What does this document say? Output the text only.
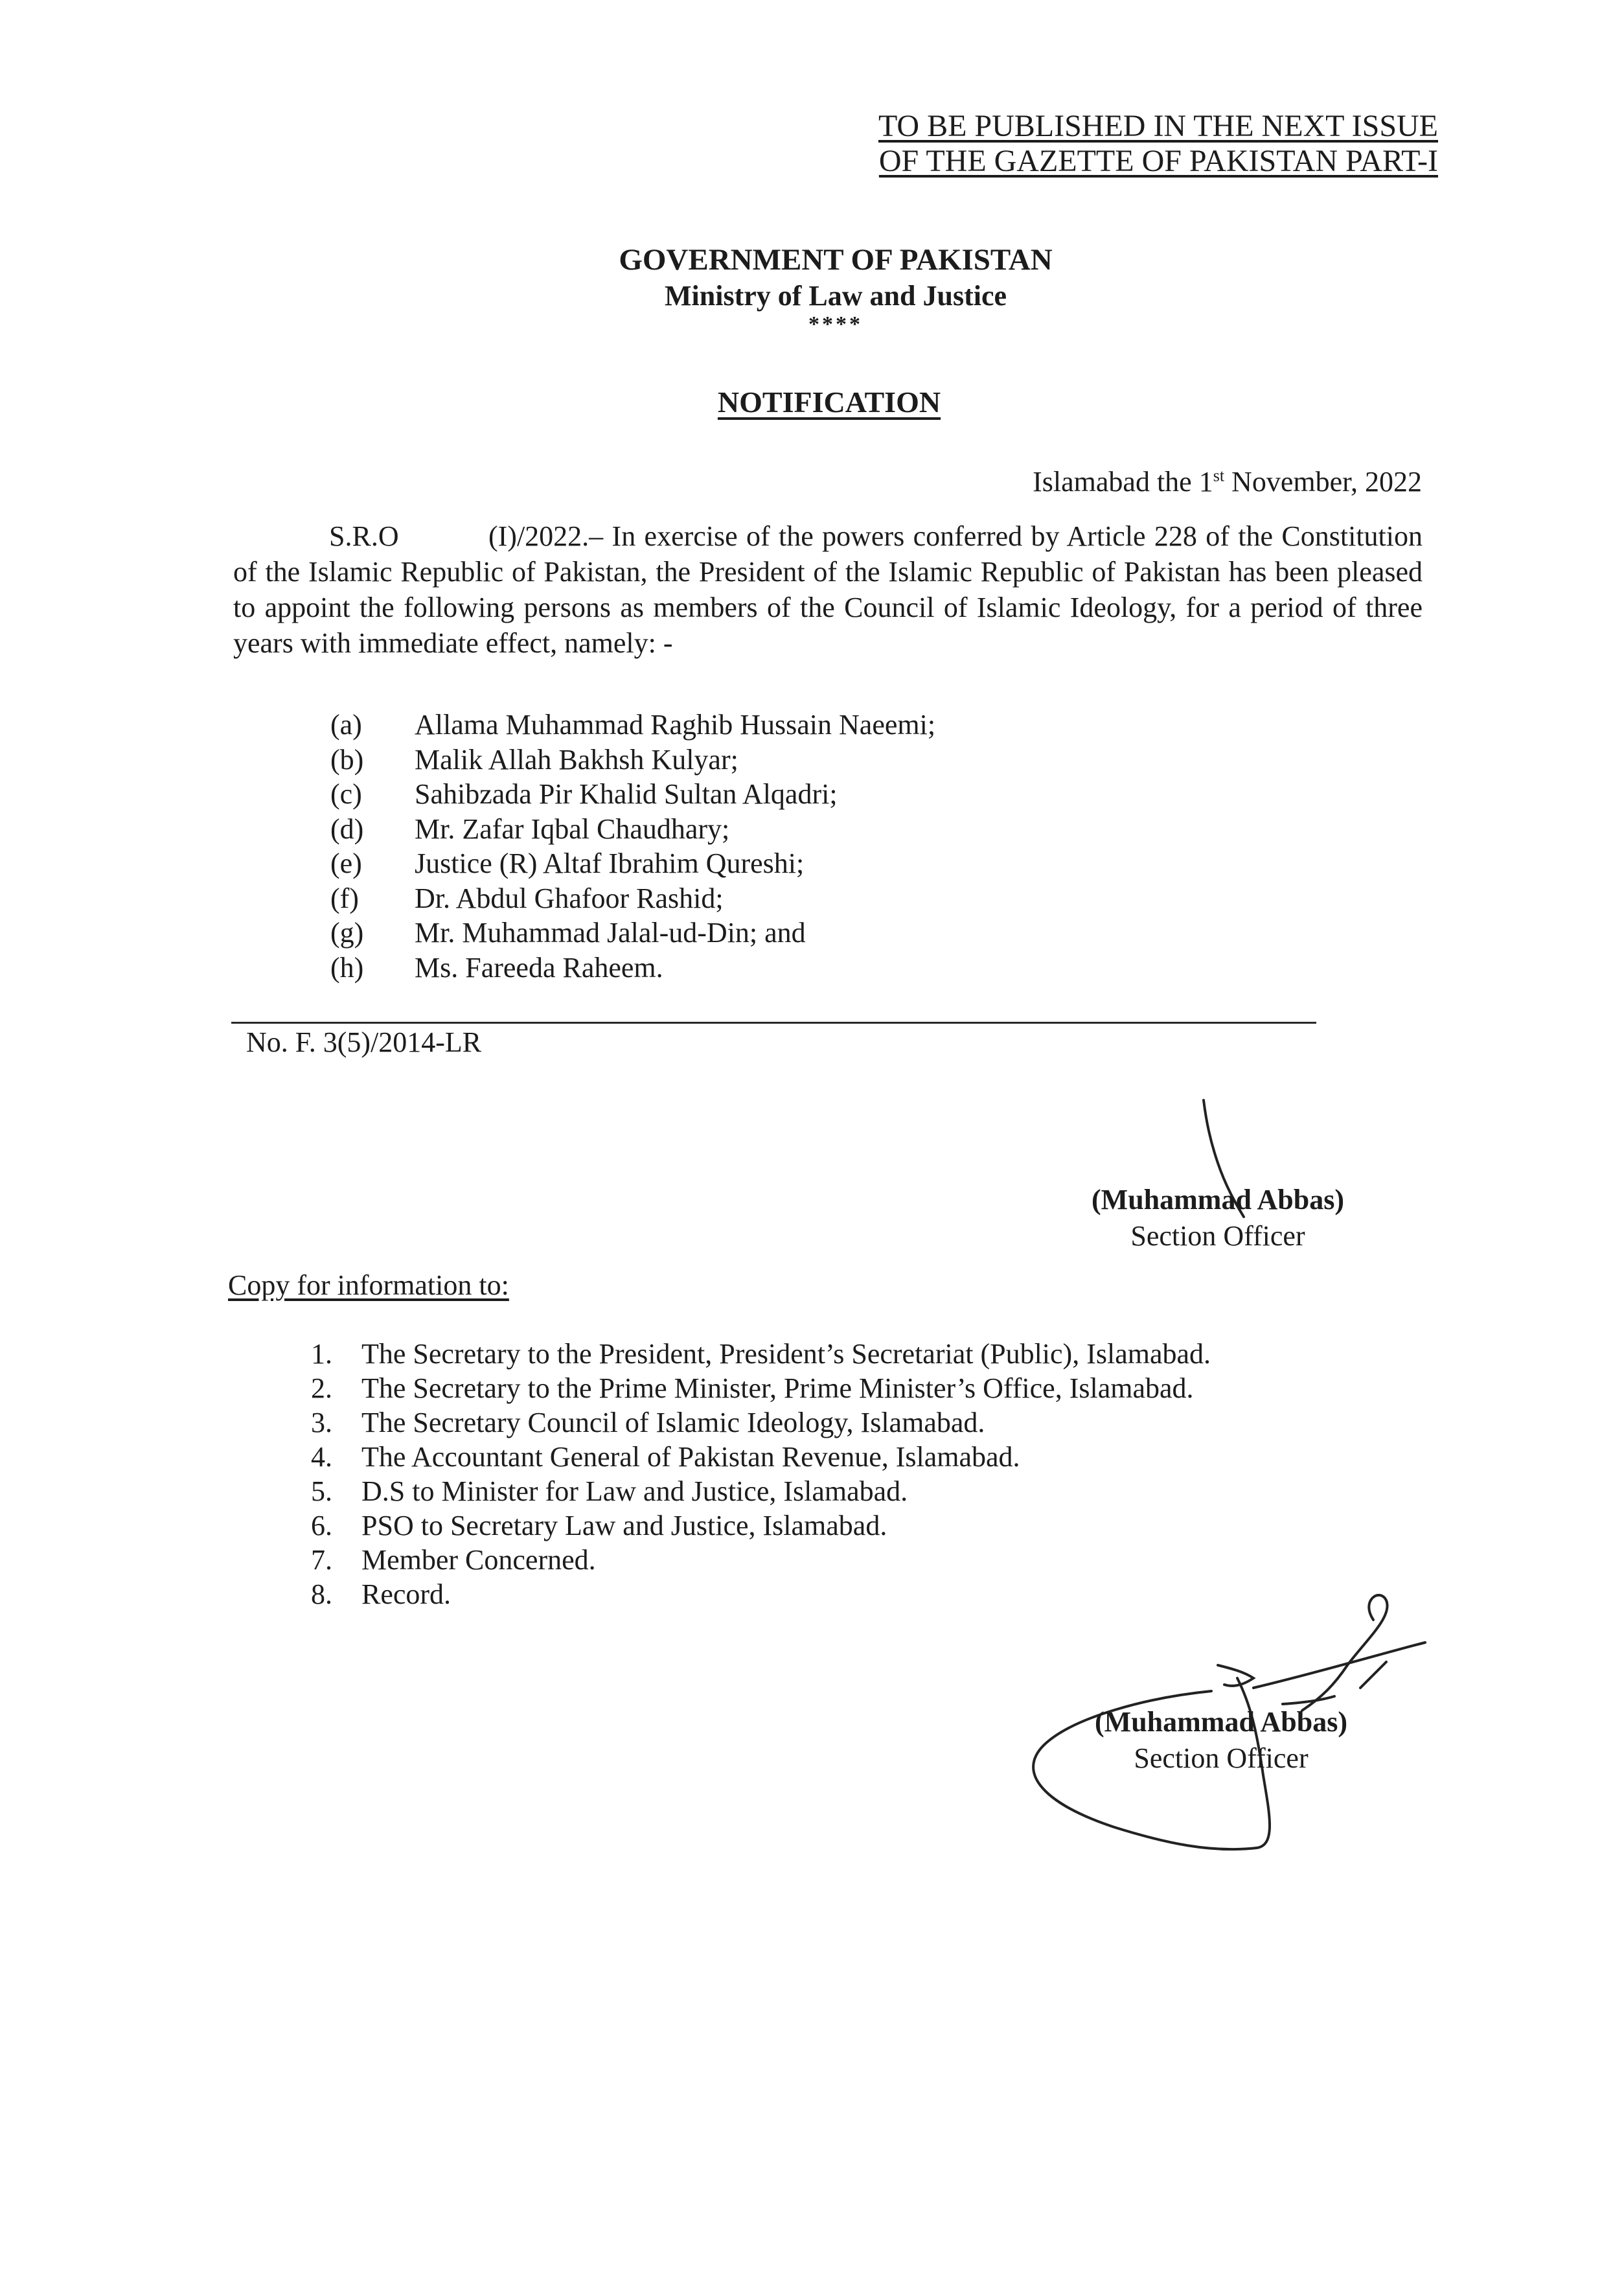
TO BE PUBLISHED IN THE NEXT ISSUE
OF THE GAZETTE OF PAKISTAN PART-I
GOVERNMENT OF PAKISTAN
Ministry of Law and Justice
****
NOTIFICATION
Islamabad the 1st November, 2022
S.R.O	(I)/2022.– In exercise of the powers conferred by Article 228 of the Constitution of the Islamic Republic of Pakistan, the President of the Islamic Republic of Pakistan has been pleased to appoint the following persons as members of the Council of Islamic Ideology, for a period of three years with immediate effect, namely: -
(a)	Allama Muhammad Raghib Hussain Naeemi;
(b)	Malik Allah Bakhsh Kulyar;
(c)	Sahibzada Pir Khalid Sultan Alqadri;
(d)	Mr. Zafar Iqbal Chaudhary;
(e)	Justice (R) Altaf Ibrahim Qureshi;
(f)	Dr. Abdul Ghafoor Rashid;
(g)	Mr. Muhammad Jalal-ud-Din; and
(h)	Ms. Fareeda Raheem.
No. F. 3(5)/2014-LR
(Muhammad Abbas)
Section Officer
Copy for information to:
1.	The Secretary to the President, President’s Secretariat (Public), Islamabad.
2.	The Secretary to the Prime Minister, Prime Minister’s Office, Islamabad.
3.	The Secretary Council of Islamic Ideology, Islamabad.
4.	The Accountant General of Pakistan Revenue, Islamabad.
5.	D.S to Minister for Law and Justice, Islamabad.
6.	PSO to Secretary Law and Justice, Islamabad.
7.	Member Concerned.
8.	Record.
(Muhammad Abbas)
Section Officer
